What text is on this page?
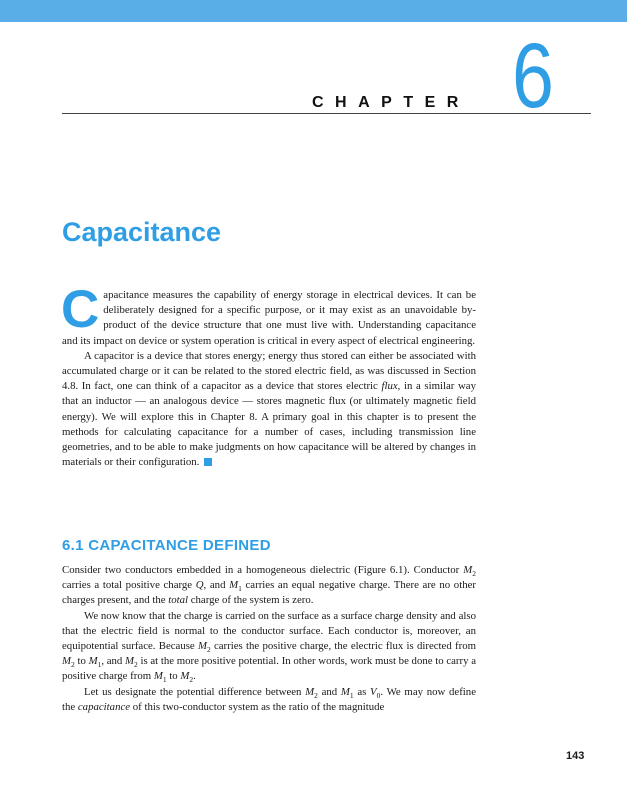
CHAPTER 6
Capacitance

Capacitance measures the capability of energy storage in electrical devices. It can be deliberately designed for a specific purpose, or it may exist as an unavoidable by-product of the device structure that one must live with. Understanding capacitance and its impact on device or system operation is critical in every aspect of electrical engineering.

A capacitor is a device that stores energy; energy thus stored can either be associated with accumulated charge or it can be related to the stored electric field, as was discussed in Section 4.8. In fact, one can think of a capacitor as a device that stores electric flux, in a similar way that an inductor — an analogous device — stores magnetic flux (or ultimately magnetic field energy). We will explore this in Chapter 8. A primary goal in this chapter is to present the methods for calculating capacitance for a number of cases, including transmission line geometries, and to be able to make judgments on how capacitance will be altered by changes in materials or their configuration.

6.1 CAPACITANCE DEFINED

Consider two conductors embedded in a homogeneous dielectric (Figure 6.1). Conductor $M_2$ carries a total positive charge Q, and $M_1$ carries an equal negative charge. There are no other charges present, and the total charge of the system is zero.

We now know that the charge is carried on the surface as a surface charge density and also that the electric field is normal to the conductor surface. Each conductor is, moreover, an equipotential surface. Because $M_2$ carries the positive charge, the electric flux is directed from $M_2$ to $M_1$, and $M_2$ is at the more positive potential. In other words, work must be done to carry a positive charge from $M_1$ to $M_2$.

Let us designate the potential difference between $M_2$ and $M_1$ as $V_0$. We may now define the capacitance of this two-conductor system as the ratio of the magnitude

143
